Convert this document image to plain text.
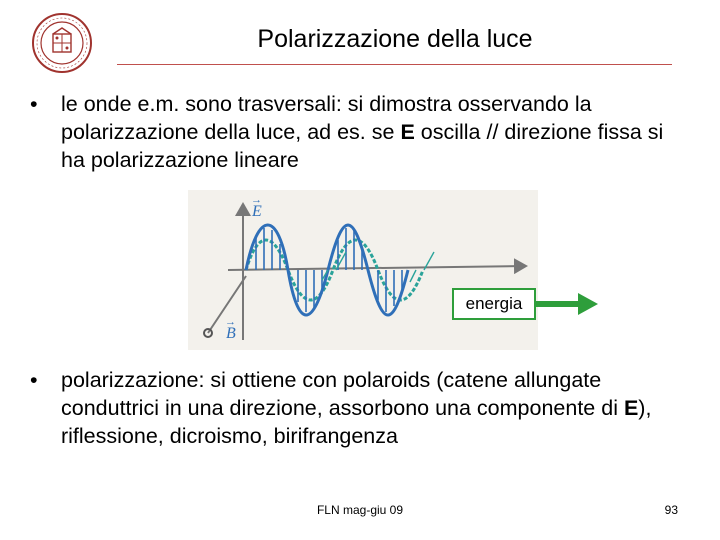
Polarizzazione della luce
• le onde e.m. sono trasversali: si dimostra osservando la polarizzazione della luce, ad es. se E oscilla // direzione fissa si ha polarizzazione lineare
E
→
B
→
energia
• polarizzazione: si ottiene con polaroids (catene allungate conduttrici in una direzione, assorbono una componente di E), riflessione, dicroismo, birifrangenza
FLN mag-giu 09	93
